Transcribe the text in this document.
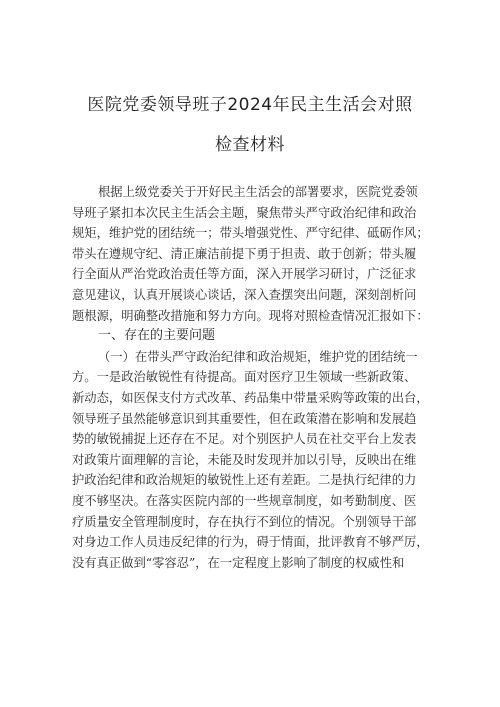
医院党委领导班子2024年民主生活会对照
检查材料
根据上级党委关于开好民主生活会的部署要求，医院党委领
导班子紧扣本次民主生活会主题，聚焦带头严守政治纪律和政治
规矩，维护党的团结统一；带头增强党性、严守纪律、砥砺作风；
带头在遵规守纪、清正廉洁前提下勇于担责、敢于创新；带头履
行全面从严治党政治责任等方面，深入开展学习研讨，广泛征求
意见建议，认真开展谈心谈话，深入查摆突出问题，深刻剖析问
题根源，明确整改措施和努力方向。现将对照检查情况汇报如下：
一、存在的主要问题
（一）在带头严守政治纪律和政治规矩，维护党的团结统一
方。一是政治敏锐性有待提高。面对医疗卫生领域一些新政策、
新动态，如医保支付方式改革、药品集中带量采购等政策的出台，
领导班子虽然能够意识到其重要性，但在政策潜在影响和发展趋
势的敏锐捕捉上还存在不足。对个别医护人员在社交平台上发表
对政策片面理解的言论，未能及时发现并加以引导，反映出在维
护政治纪律和政治规矩的敏锐性上还有差距。二是执行纪律的力
度不够坚决。在落实医院内部的一些规章制度，如考勤制度、医
疗质量安全管理制度时，存在执行不到位的情况。个别领导干部
对身边工作人员违反纪律的行为，碍于情面，批评教育不够严厉，
没有真正做到“零容忍”，在一定程度上影响了制度的权威性和
